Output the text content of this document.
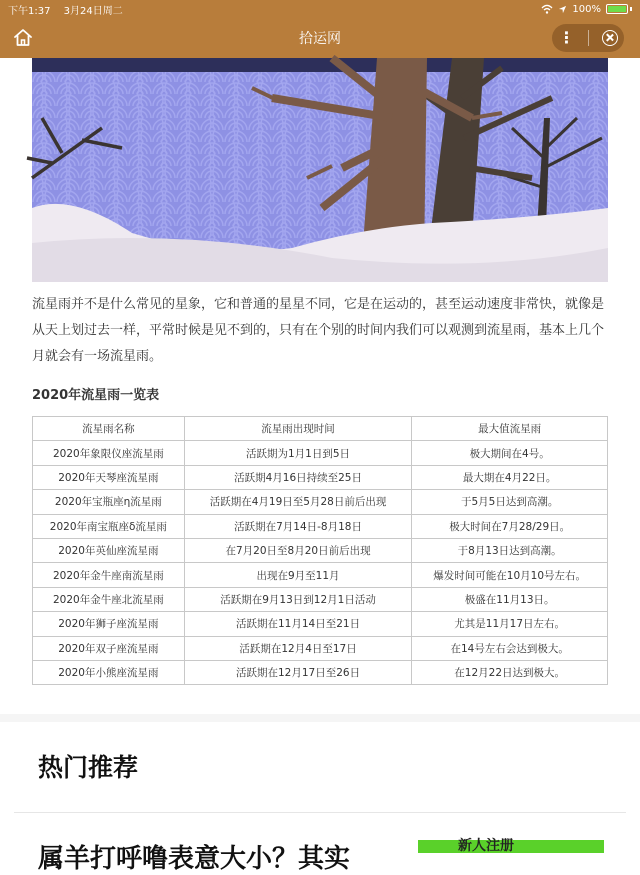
下午1:37 3月24日周二	100%
拾运网	⋮

流星雨并不是什么常见的星象，它和普通的星星不同，它是在运动的，甚至运动速度非常快，就像是从天上划过去一样，平常时候是见不到的，只有在个别的时间内我们可以观测到流星雨，基本上几个月就会有一场流星雨。

2020年流星雨一览表
流星雨名称	流星雨出现时间	最大值流星雨
2020年象限仪座流星雨	活跃期为1月1日到5日	极大期间在4号。
2020年天琴座流星雨	活跃期4月16日持续至25日	最大期在4月22日。
2020年宝瓶座η流星雨	活跃期在4月19日至5月28日前后出现	于5月5日达到高潮。
2020年南宝瓶座δ流星雨	活跃期在7月14日-8月18日	极大时间在7月28/29日。
2020年英仙座流星雨	在7月20日至8月20日前后出现	于8月13日达到高潮。
2020年金牛座南流星雨	出现在9月至11月	爆发时间可能在10月10号左右。
2020年金牛座北流星雨	活跃期在9月13日到12月1日活动	极盛在11月13日。
2020年狮子座流星雨	活跃期在11月14日至21日	尤其是11月17日左右。
2020年双子座流星雨	活跃期在12月4日至17日	在14号左右会达到极大。
2020年小熊座流星雨	活跃期在12月17日至26日	在12月22日达到极大。
热门推荐
属羊打呼噜表意大小？其实	新人注册
